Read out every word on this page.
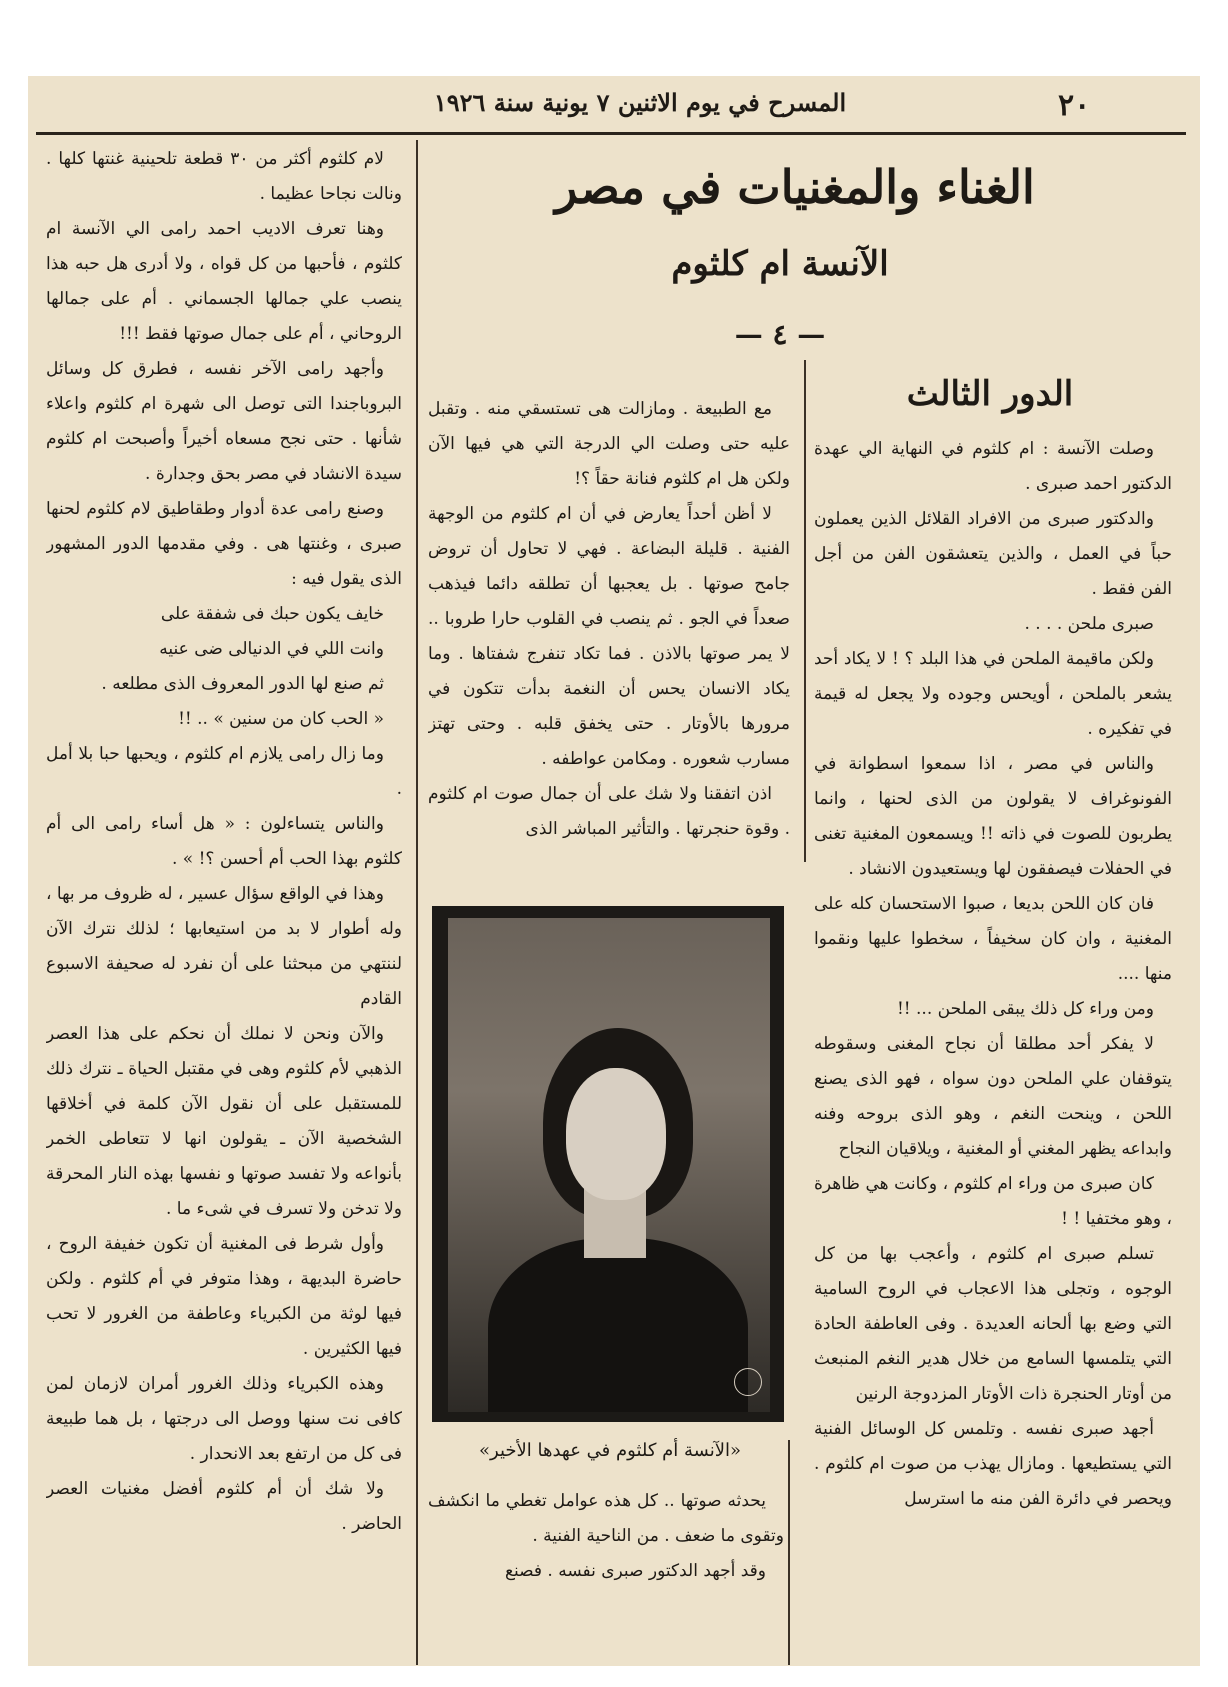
٢٠
المسرح في يوم الاثنين ٧ يونية سنة ١٩٢٦
الغناء والمغنيات في مصر
الآنسة ام كلثوم
— ٤ —
الدور الثالث

وصلت الآنسة : ام كلثوم في النهاية الي عهدة الدكتور احمد صبرى .

والدكتور صبرى من الافراد القلائل الذين يعملون حباً في العمل ، والذين يتعشقون الفن من أجل الفن فقط .

صبرى ملحن . . . .

ولكن ماقيمة الملحن في هذا البلد ؟ ! لا يكاد أحد يشعر بالملحن ، أويحس وجوده ولا يجعل له قيمة في تفكيره .

والناس في مصر ، اذا سمعوا اسطوانة في الفونوغراف لا يقولون من الذى لحنها ، وانما يطربون للصوت في ذاته !! ويسمعون المغنية تغنى في الحفلات فيصفقون لها ويستعيدون الانشاد .

فان كان اللحن بديعا ، صبوا الاستحسان كله على المغنية ، وان كان سخيفاً ، سخطوا عليها ونقموا منها ....

ومن وراء كل ذلك يبقى الملحن ... !!

لا يفكر أحد مطلقا أن نجاح المغنى وسقوطه يتوقفان علي الملحن دون سواه ، فهو الذى يصنع اللحن ، وينحت النغم ، وهو الذى بروحه وفنه وابداعه يظهر المغني أو المغنية ، ويلاقيان النجاح

كان صبرى من وراء ام كلثوم ، وكانت هي ظاهرة ، وهو مختفيا ! !

تسلم صبرى ام كلثوم ، وأعجب بها من كل الوجوه ، وتجلى هذا الاعجاب في الروح السامية التي وضع بها ألحانه العديدة . وفى العاطفة الحادة التي يتلمسها السامع من خلال هدير النغم المنبعث من أوتار الحنجرة ذات الأوتار المزدوجة الرنين

أجهد صبرى نفسه . وتلمس كل الوسائل الفنية التي يستطيعها . ومازال يهذب من صوت ام كلثوم . ويحصر في دائرة الفن منه ما استرسل

مع الطبيعة . ومازالت هى تستسقي منه . وتقبل عليه حتى وصلت الي الدرجة التي هي فيها الآن ولكن هل ام كلثوم فنانة حقاً ؟!

لا أظن أحداً يعارض في أن ام كلثوم من الوجهة الفنية . قليلة البضاعة . فهي لا تحاول أن تروض جامح صوتها . بل يعجبها أن تطلقه دائما فيذهب صعداً في الجو . ثم ينصب في القلوب حارا طروبا .. لا يمر صوتها بالاذن . فما تكاد تنفرج شفتاها . وما يكاد الانسان يحس أن النغمة بدأت تتكون في مرورها بالأوتار . حتى يخفق قلبه . وحتى تهتز مسارب شعوره . ومكامن عواطفه .

اذن اتفقنا ولا شك على أن جمال صوت ام كلثوم . وقوة حنجرتها . والتأثير المباشر الذى

«الآنسة أم كلثوم في عهدها الأخير»

يحدثه صوتها .. كل هذه عوامل تغطي ما انكشف وتقوى ما ضعف . من الناحية الفنية .

وقد أجهد الدكتور صبرى نفسه . فصنع

لام كلثوم أكثر من ٣٠ قطعة تلحينية غنتها كلها . ونالت نجاحا عظيما .

وهنا تعرف الاديب احمد رامى الي الآنسة ام كلثوم ، فأحبها من كل قواه ، ولا أدرى هل حبه هذا ينصب علي جمالها الجسماني . أم على جمالها الروحاني ، أم على جمال صوتها فقط !!!

وأجهد رامى الآخر نفسه ، فطرق كل وسائل البروباجندا التى توصل الى شهرة ام كلثوم واعلاء شأنها . حتى نجح مسعاه أخيراً وأصبحت ام كلثوم سيدة الانشاد في مصر بحق وجدارة .

وصنع رامى عدة أدوار وطقاطيق لام كلثوم لحنها صبرى ، وغنتها هى . وفي مقدمها الدور المشهور الذى يقول فيه :

خايف يكون حبك فى شفقة على

وانت اللي في الدنيالى ضى عنيه

ثم صنع لها الدور المعروف الذى مطلعه .

« الحب كان من سنين » .. !!

وما زال رامى يلازم ام كلثوم ، ويحبها حبا بلا أمل .

والناس يتساءلون : « هل أساء رامى الى أم كلثوم بهذا الحب أم أحسن ؟! » .

وهذا في الواقع سؤال عسير ، له ظروف مر بها ، وله أطوار لا بد من استيعابها ؛ لذلك نترك الآن لننتهي من مبحثنا على أن نفرد له صحيفة الاسبوع القادم

والآن ونحن لا نملك أن نحكم على هذا العصر الذهبي لأم كلثوم وهى في مقتبل الحياة ـ نترك ذلك للمستقبل على أن نقول الآن كلمة في أخلاقها الشخصية الآن ـ يقولون انها لا تتعاطى الخمر بأنواعه ولا تفسد صوتها و نفسها بهذه النار المحرقة ولا تدخن ولا تسرف في شىء ما .

وأول شرط فى المغنية أن تكون خفيفة الروح ، حاضرة البديهة ، وهذا متوفر في أم كلثوم . ولكن فيها لوثة من الكبرياء وعاطفة من الغرور لا تحب فيها الكثيرين .

وهذه الكبرياء وذلك الغرور أمران لازمان لمن كافى نت سنها ووصل الى درجتها ، بل هما طبيعة فى كل من ارتفع بعد الانحدار .

ولا شك أن أم كلثوم أفضل مغنيات العصر الحاضر .
